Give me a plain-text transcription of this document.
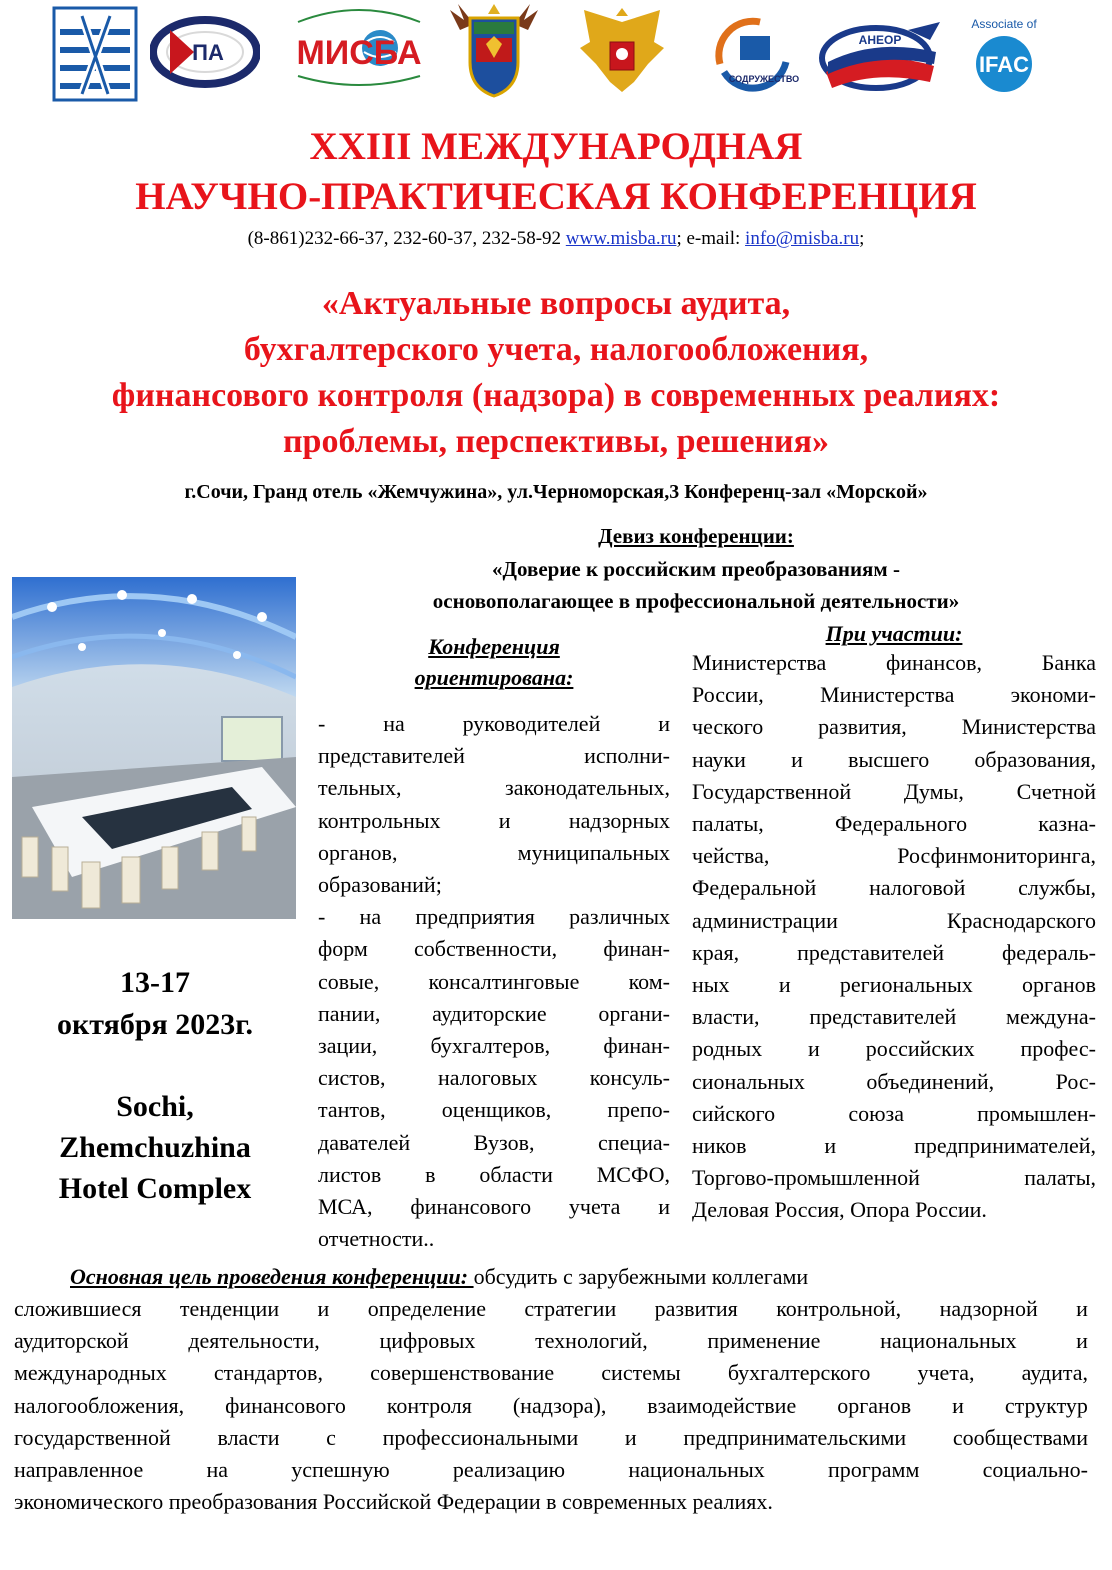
ПА МИСБА
СОДРУЖЕСТВО
АНЕОР
Associate of
IFAC
XXIII МЕЖДУНАРОДНАЯ
НАУЧНО-ПРАКТИЧЕСКАЯ КОНФЕРЕНЦИЯ
(8-861)232-66-37, 232-60-37, 232-58-92 www.misba.ru; e-mail: info@misba.ru;
«Актуальные вопросы аудита,
бухгалтерского учета, налогообложения,
финансового контроля (надзора) в современных реалиях:
проблемы, перспективы, решения»
г.Сочи, Гранд отель «Жемчужина», ул.Черноморская,3 Конференц-зал «Морской»
Девиз конференции:
«Доверие к российским преобразованиям -
основополагающее в профессиональной деятельности»
13-17
октября 2023г.
Sochi,
Zhemchuzhina
Hotel Complex
Конференция
ориентирована:
-	на	руководителей	и
представителей	исполни-
тельных,	законодательных,
контрольных	и	надзорных
органов,	муниципальных
образований;
- на предприятия различных
форм собственности, финан-
совые, консалтинговые ком-
пании, аудиторские органи-
зации, бухгалтеров, финан-
систов, налоговых консуль-
тантов,	оценщиков,	препо-
давателей	Вузов,	специа-
листов в области МСФО,
МСА, финансового учета и
отчетности..
При участии:
Министерства	финансов,	Банка
России,	Министерства	экономи-
ческого развития, Министерства
науки и высшего образования,
Государственной Думы, Счетной
палаты,	Федерального	казна-
чейства,	Росфинмониторинга,
Федеральной налоговой службы,
администрации	Краснодарского
края,	представителей	федераль-
ных и региональных органов
власти, представителей междуна-
родных и российских профес-
сиональных	объединений,	Рос-
сийского	союза	промышлен-
ников	и	предпринимателей,
Торгово-промышленной	палаты,
Деловая Россия, Опора России.
Основная цель проведения конференции: обсудить с зарубежными коллегами
сложившиеся тенденции и определение стратегии развития контрольной, надзорной и
аудиторской	деятельности,	цифровых	технологий,	применение	национальных	и
международных стандартов, совершенствование системы бухгалтерского учета, аудита,
налогообложения, финансового контроля (надзора), взаимодействие органов и структур
государственной власти с профессиональными и предпринимательскими сообществами
направленное	на	успешную	реализацию	национальных	программ	социально-
экономического преобразования Российской Федерации в современных реалиях.
